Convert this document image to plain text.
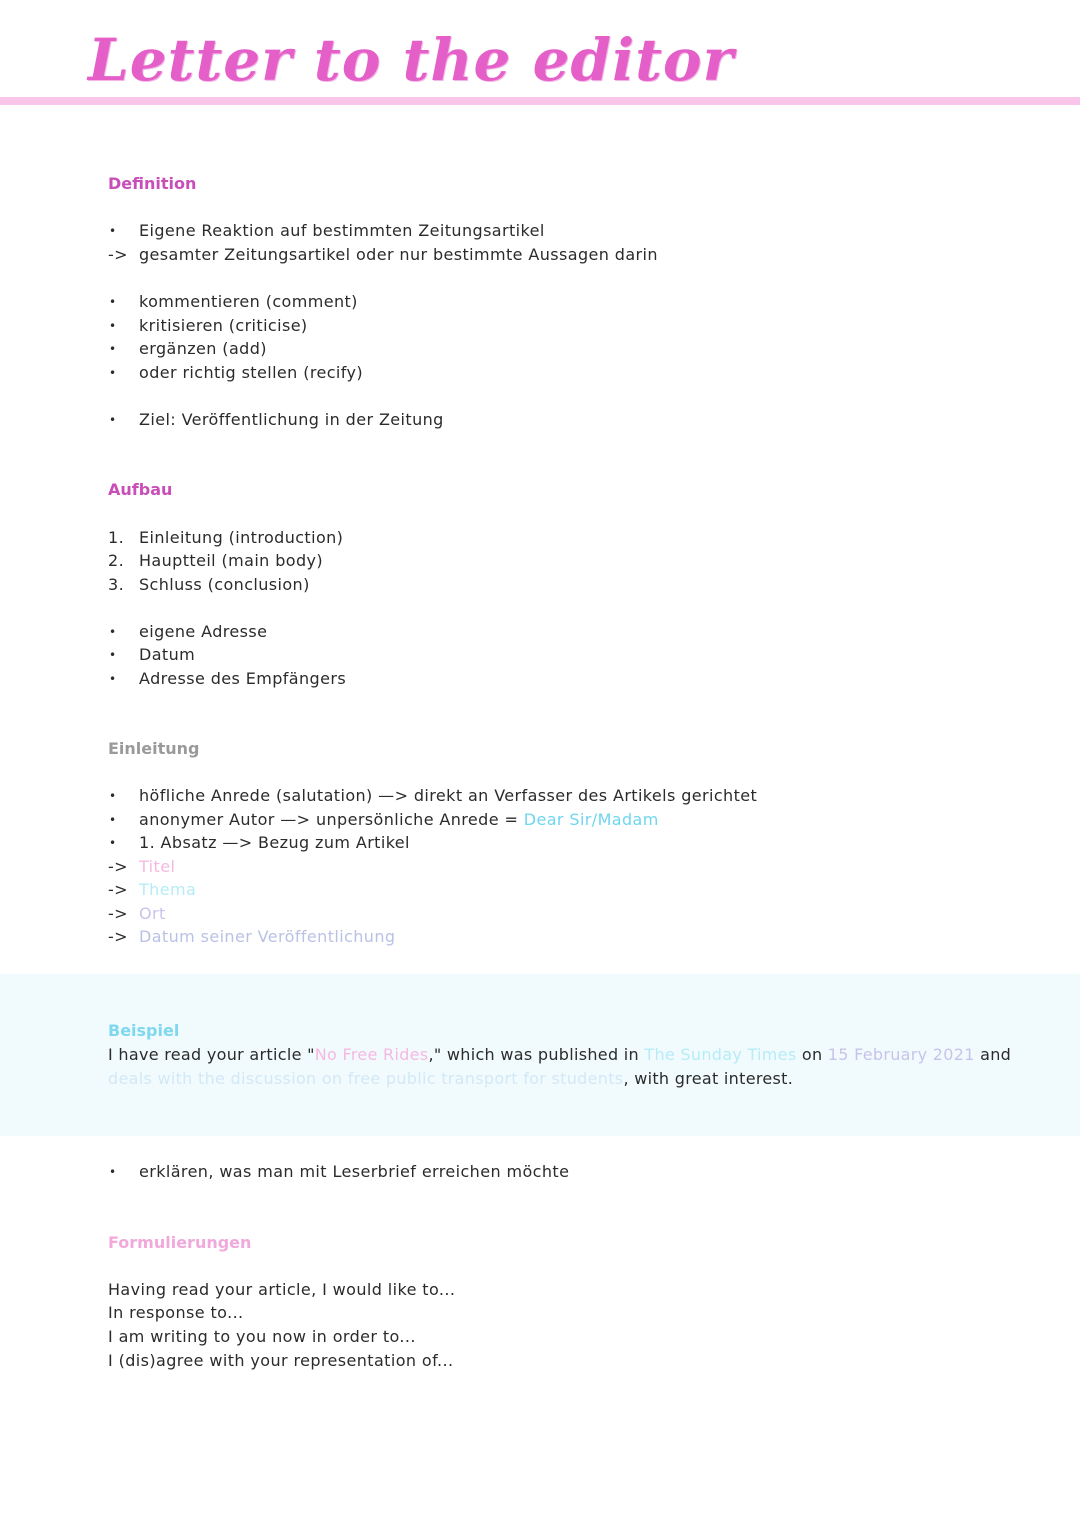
Letter to the editor
Definition
•	Eigene Reaktion auf bestimmten Zeitungsartikel
-> gesamter Zeitungsartikel oder nur bestimmte Aussagen darin
•	kommentieren (comment)
•	kritisieren (criticise)
•	ergänzen (add)
•	oder richtig stellen (recify)
•	Ziel: Veröffentlichung in der Zeitung
Aufbau
1. Einleitung (introduction)
2. Hauptteil (main body)
3. Schluss (conclusion)
•	eigene Adresse
•	Datum
•	Adresse des Empfängers
Einleitung
•	höfliche Anrede (salutation) —> direkt an Verfasser des Artikels gerichtet
•	anonymer Autor —> unpersönliche Anrede = Dear Sir/Madam
•	1. Absatz —> Bezug zum Artikel
-> Titel
-> Thema
-> Ort
-> Datum seiner Veröffentlichung
Beispiel

I have read your article "No Free Rides," which was published in The Sunday Times on 15 February 2021 and
deals with the discussion on free public transport for students, with great interest.

•	erklären, was man mit Leserbrief erreichen möchte
Formulierungen
Having read your article, I would like to...
In response to...
I am writing to you now in order to...
I (dis)agree with your representation of...
